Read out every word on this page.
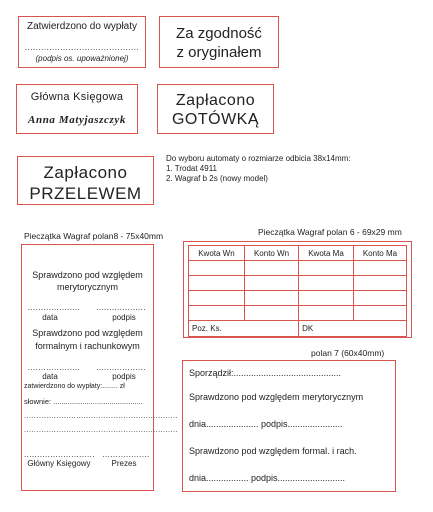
Zatwierdzono do wypłaty
..........................................
(podpis os. upoważnionej)
Za zgodność
z oryginałem
Główna Księgowa
Anna Matyjaszczyk
Zapłacono
GOTÓWKĄ
Zapłacono
PRZELEWEM
Do wyboru automaty o rozmiarze odbicia 38x14mm:
1. Trodat 4911
2. Wagraf b 2s (nowy model)
Pieczątka Wagraf polan8 - 75x40mm	Pieczątka Wagraf polan 6 - 69x29 mm
polan 7 (60x40mm)
Sprawdzono pod względem
merytorycznym
....................	...................
data	podpis
Sprawdzono pod względem
formalnym i rachunkowym
....................	...................
data	podpis
zatwierdzono do wypłaty:........ zł
słownie: ...........................................
..............................................................
..............................................................
........................... ..................
Główny Księgowy	Prezes
Kwota Wn	Konto Wn	Kwota Ma	Konto Ma

Poz. Ks.		DK	
Sporządził:...........................................
Sprawdzono pod względem merytorycznym
dnia..................... podpis......................
Sprawdzono pod względem formal. i rach.
dnia................. podpis...........................
